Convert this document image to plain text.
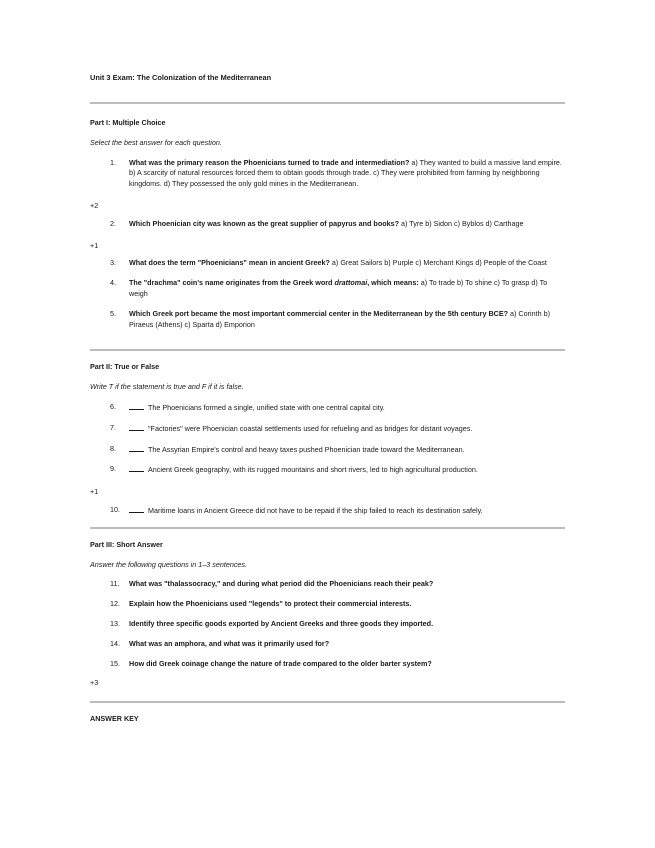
Unit 3 Exam: The Colonization of the Mediterranean
Part I: Multiple Choice
Select the best answer for each question.
1. What was the primary reason the Phoenicians turned to trade and intermediation? a) They wanted to build a massive land empire. b) A scarcity of natural resources forced them to obtain goods through trade. c) They were prohibited from farming by neighboring kingdoms. d) They possessed the only gold mines in the Mediterranean.
+2
2. Which Phoenician city was known as the great supplier of papyrus and books? a) Tyre b) Sidon c) Byblos d) Carthage
+1
3. What does the term "Phoenicians" mean in ancient Greek? a) Great Sailors b) Purple c) Merchant Kings d) People of the Coast
4. The "drachma" coin's name originates from the Greek word drattomai, which means: a) To trade b) To shine c) To grasp d) To weigh
5. Which Greek port became the most important commercial center in the Mediterranean by the 5th century BCE? a) Corinth b) Piraeus (Athens) c) Sparta d) Emporion
Part II: True or False
Write T if the statement is true and F if it is false.
6.	The Phoenicians formed a single, unified state with one central capital city.
7.	"Factories" were Phoenician coastal settlements used for refueling and as bridges for distant voyages.
8.	The Assyrian Empire's control and heavy taxes pushed Phoenician trade toward the Mediterranean.
9.	Ancient Greek geography, with its rugged mountains and short rivers, led to high agricultural production.
+1
10.	Maritime loans in Ancient Greece did not have to be repaid if the ship failed to reach its destination safely.
Part III: Short Answer
Answer the following questions in 1–3 sentences.
11. What was "thalassocracy," and during what period did the Phoenicians reach their peak?
12. Explain how the Phoenicians used "legends" to protect their commercial interests.
13. Identify three specific goods exported by Ancient Greeks and three goods they imported.
14. What was an amphora, and what was it primarily used for?
15. How did Greek coinage change the nature of trade compared to the older barter system?
+3
ANSWER KEY
